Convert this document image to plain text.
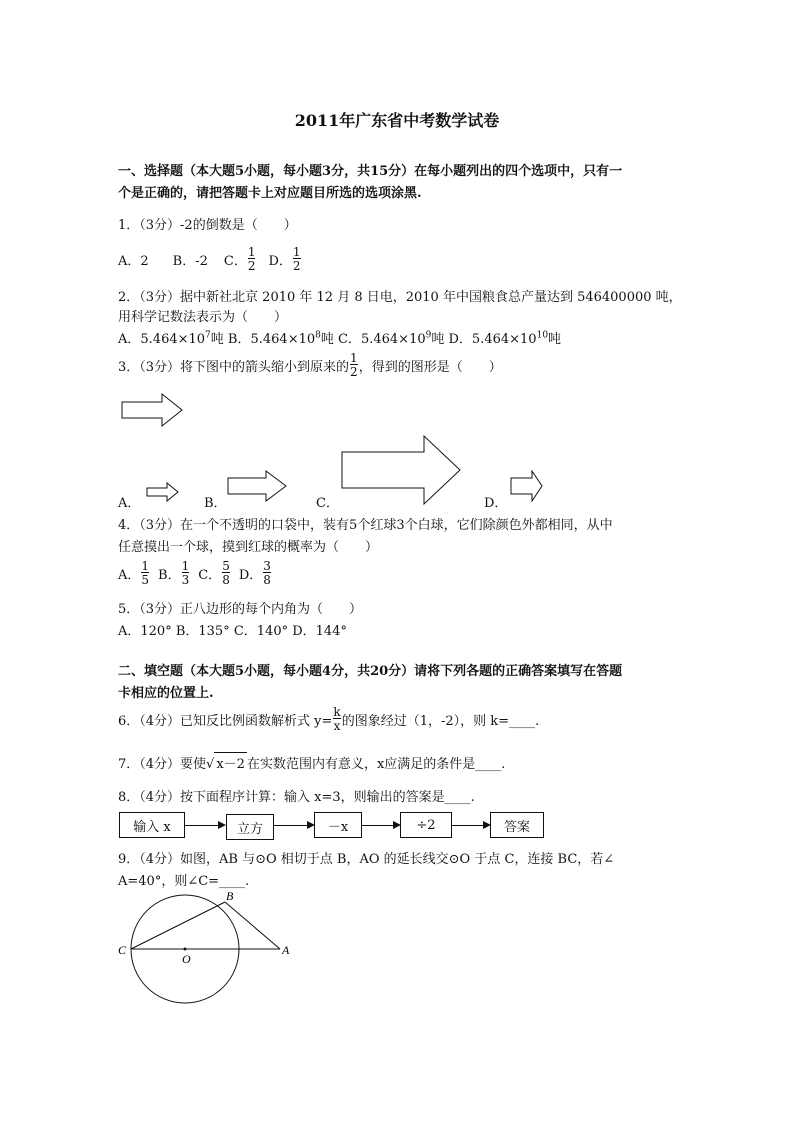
2011年广东省中考数学试卷
一、选择题（本大题5小题，每小题3分，共15分）在每小题列出的四个选项中，只有一
个是正确的，请把答题卡上对应题目所选的选项涂黑.
1．（3分）-2的倒数是（　　）
A．2 B．-2 C． $\frac{1}{2}$ D． $\frac{1}{2}$
2．（3分）据中新社北京 2010 年 12 月 8 日电，2010 年中国粮食总产量达到 546400000 吨，
用科学记数法表示为（　　）
A．$5.464\times 10^7$吨 B．$5.464\times 10^8$吨 C．$5.464\times 10^9$吨 D．$5.464\times 10^{10}$吨
3．（3分）将下图中的箭头缩小到原来的 $\frac{1}{2}$ ，得到的图形是（　　）
A．	B．	C．	D．
4．（3分）在一个不透明的口袋中，装有5个红球3个白球，它们除颜色外都相同，从中
任意摸出一个球，摸到红球的概率为（　　）
A． $\frac{1}{5}$ B． $\frac{1}{3}$ C． $\frac{5}{8}$ D． $\frac{3}{8}$
5．（3分）正八边形的每个内角为（　　）
A．120° B．135° C．140° D．144°
二、填空题（本大题5小题，每小题4分，共20分）请将下列各题的正确答案填写在答题
卡相应的位置上.
6．（4分）已知反比例函数解析式 $y= \frac{k}{x}$ 的图象经过（1，-2），则 k=____.
7．（4分）要使√ x－2 在实数范围内有意义，x应满足的条件是____.
8．（4分）按下面程序计算：输入 x=3，则输出的答案是____.
输入 x	立方	－x	÷2	答案
9．（4分）如图，AB 与⊙O 相切于点 B，AO 的延长线交⊙O 于点 C，连接 BC，若∠
A=40°，则∠C=____.
B
C
O
A
